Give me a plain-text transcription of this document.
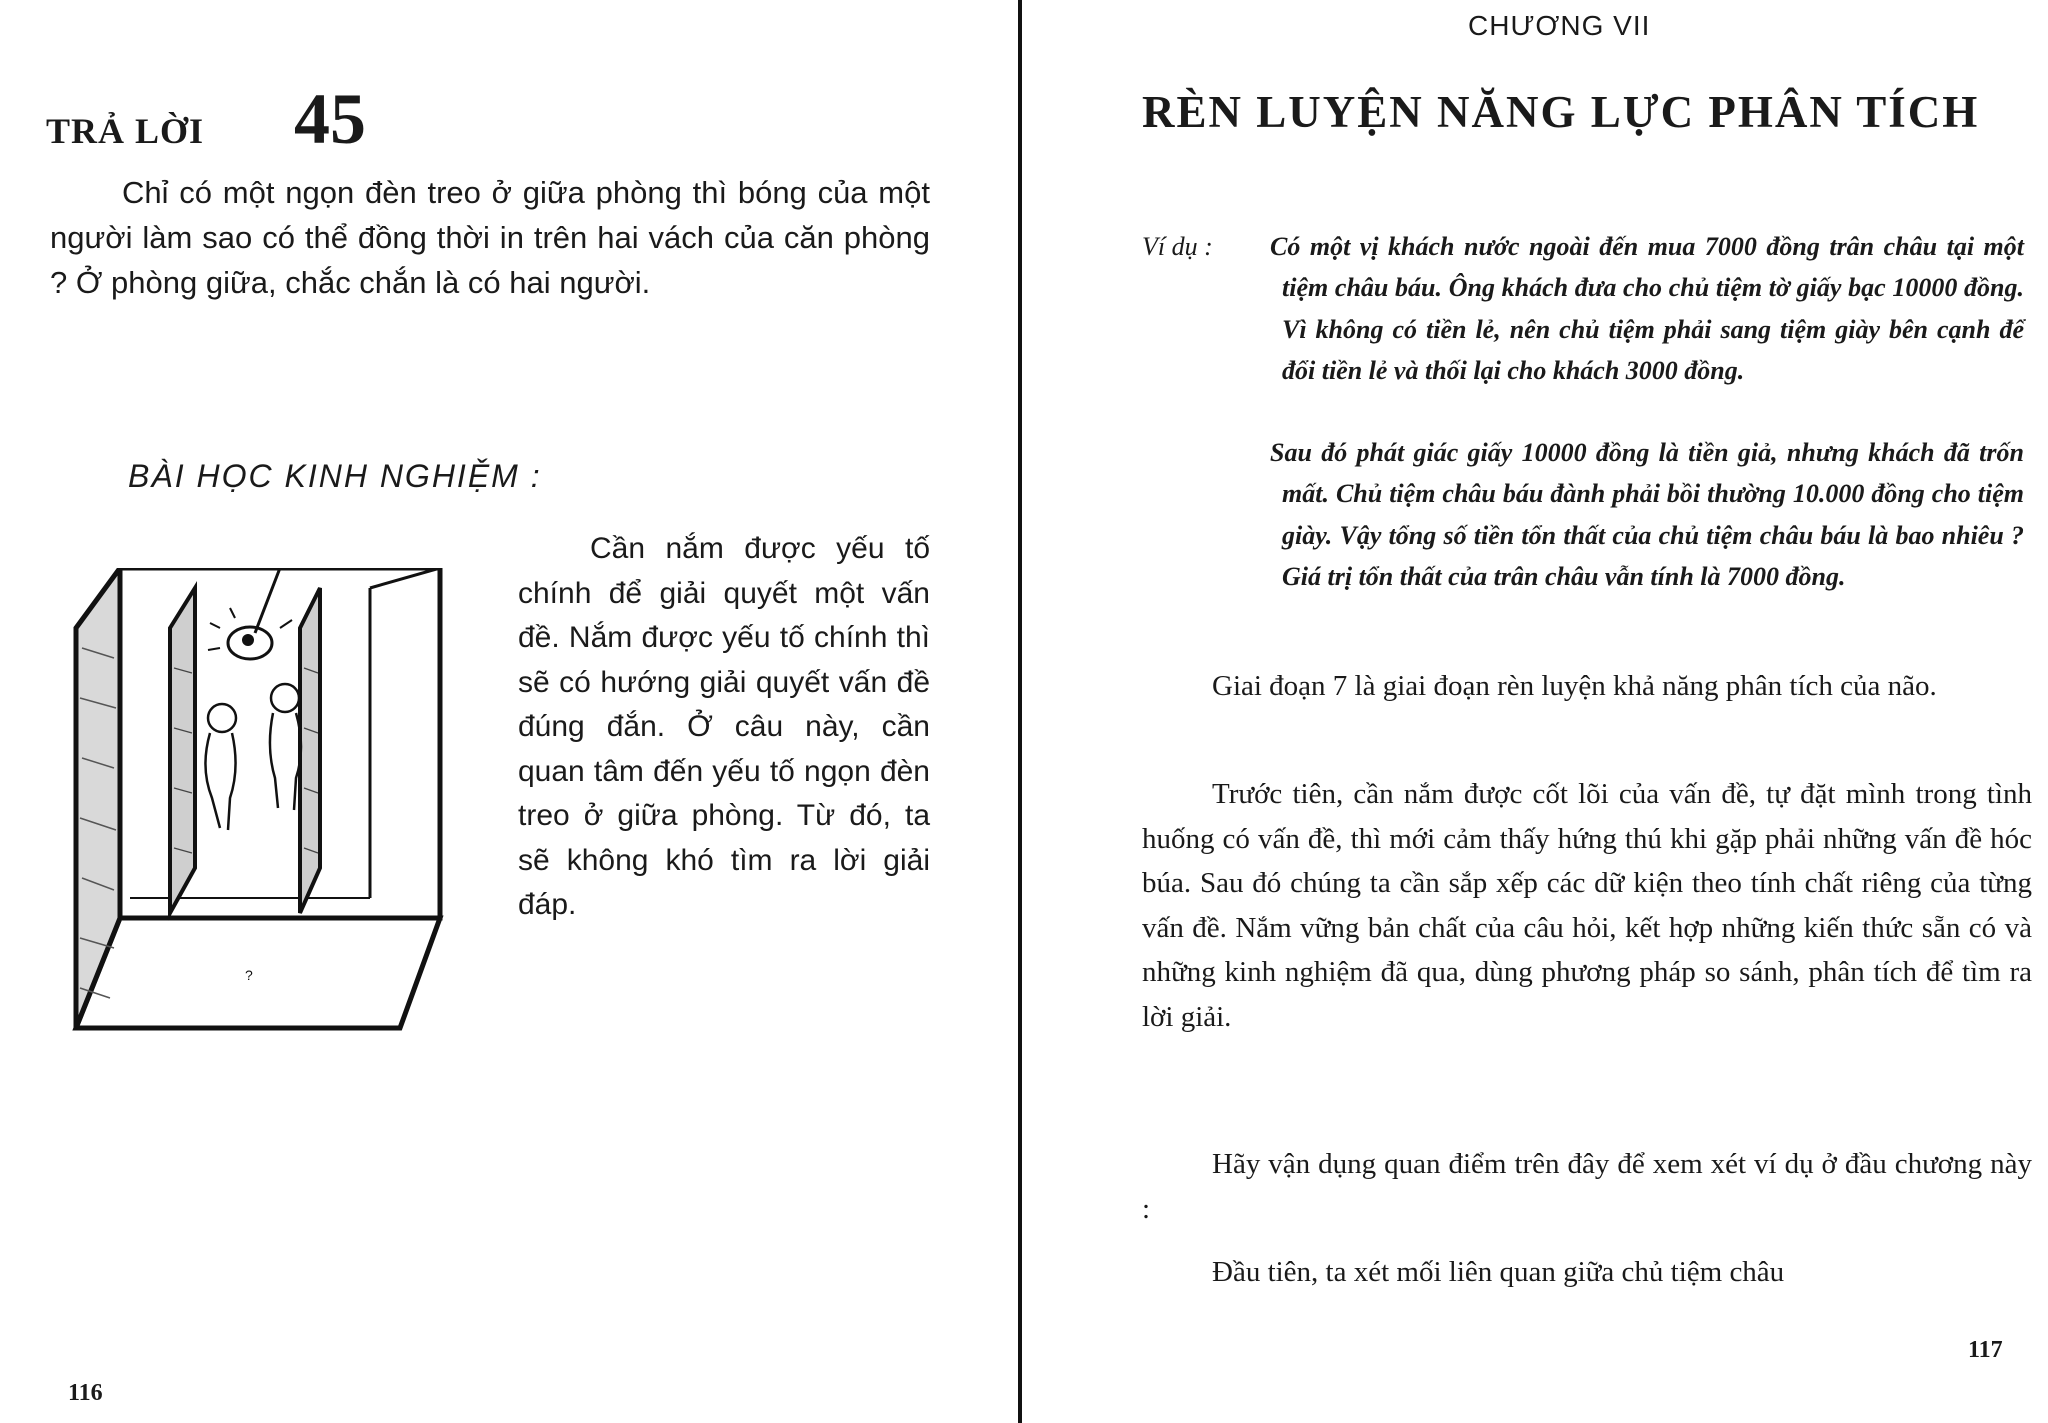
TRẢ LỜI 45

Chỉ có một ngọn đèn treo ở giữa phòng thì bóng của một người làm sao có thể đồng thời in trên hai vách của căn phòng ? Ở phòng giữa, chắc chắn là có hai người.

BÀI HỌC KINH NGHIỆM :
?

Cần nắm được yếu tố chính để giải quyết một vấn đề. Nắm được yếu tố chính thì sẽ có hướng giải quyết vấn đề đúng đắn. Ở câu này, cần quan tâm đến yếu tố ngọn đèn treo ở giữa phòng. Từ đó, ta sẽ không khó tìm ra lời giải đáp.

116
CHƯƠNG VII
RÈN LUYỆN NĂNG LỰC PHÂN TÍCH
Ví dụ : Có một vị khách nước ngoài đến mua 7000 đồng trân châu tại một tiệm châu báu. Ông khách đưa cho chủ tiệm tờ giấy bạc 10000 đồng. Vì không có tiền lẻ, nên chủ tiệm phải sang tiệm giày bên cạnh để đổi tiền lẻ và thối lại cho khách 3000 đồng.

Sau đó phát giác giấy 10000 đồng là tiền giả, nhưng khách đã trốn mất. Chủ tiệm châu báu đành phải bồi thường 10.000 đồng cho tiệm giày. Vậy tổng số tiền tổn thất của chủ tiệm châu báu là bao nhiêu ? Giá trị tổn thất của trân châu vẫn tính là 7000 đồng.

Giai đoạn 7 là giai đoạn rèn luyện khả năng phân tích của não.

Trước tiên, cần nắm được cốt lõi của vấn đề, tự đặt mình trong tình huống có vấn đề, thì mới cảm thấy hứng thú khi gặp phải những vấn đề hóc búa. Sau đó chúng ta cần sắp xếp các dữ kiện theo tính chất riêng của từng vấn đề. Nắm vững bản chất của câu hỏi, kết hợp những kiến thức sẵn có và những kinh nghiệm đã qua, dùng phương pháp so sánh, phân tích để tìm ra lời giải.

Hãy vận dụng quan điểm trên đây để xem xét ví dụ ở đầu chương này :

Đầu tiên, ta xét mối liên quan giữa chủ tiệm châu

117
